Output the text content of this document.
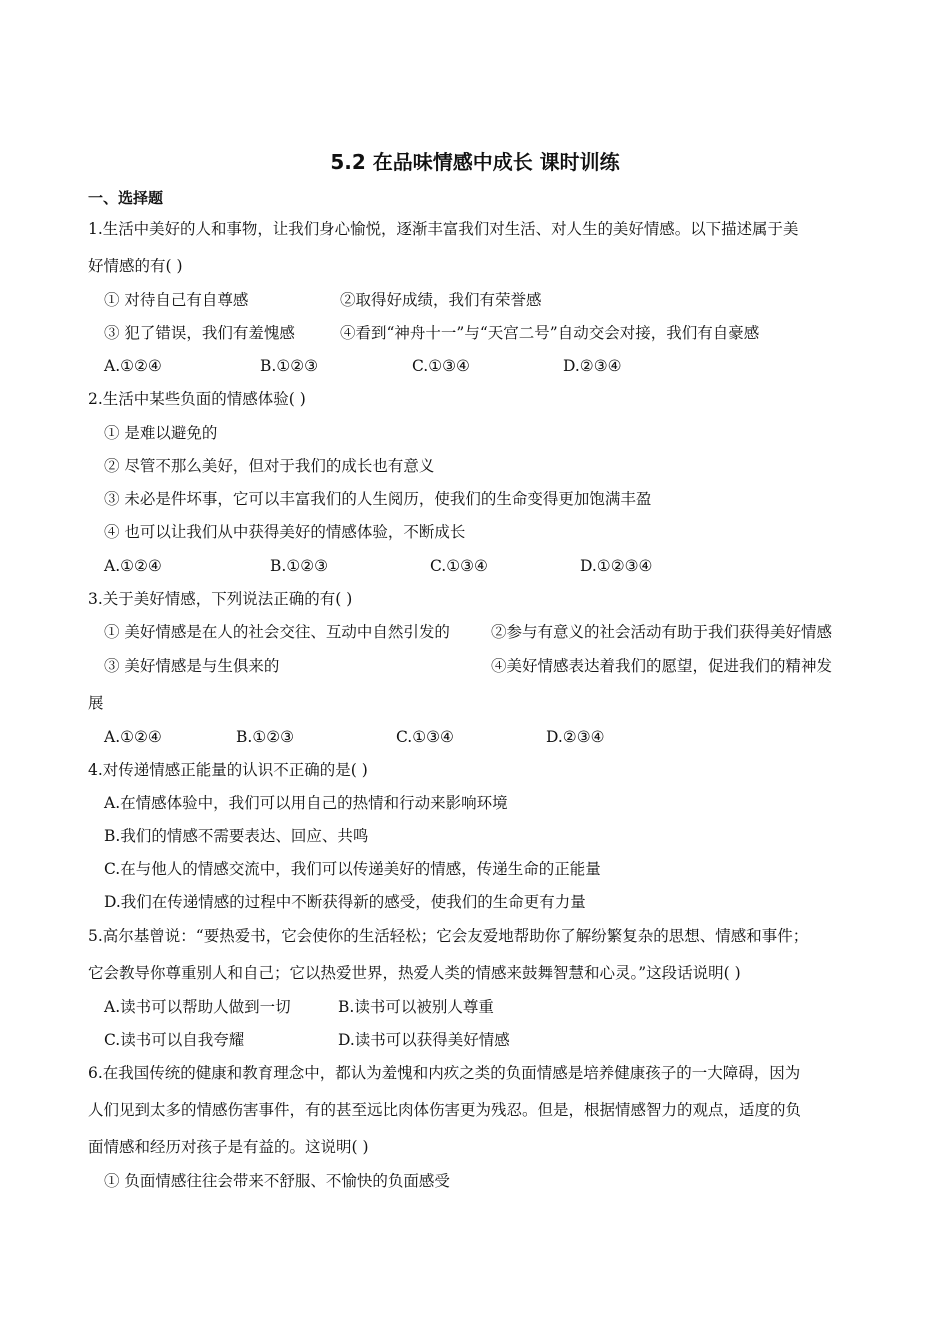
5.2 在品味情感中成长 课时训练
一、选择题
1.生活中美好的人和事物，让我们身心愉悦，逐渐丰富我们对生活、对人生的美好情感。以下描述属于美
好情感的有( )
① 对待自己有自尊感	②取得好成绩，我们有荣誉感
③ 犯了错误，我们有羞愧感	④看到“神舟十一”与“天宫二号”自动交会对接，我们有自豪感
A.①②④	B.①②③	C.①③④	D.②③④
2.生活中某些负面的情感体验( )
① 是难以避免的
② 尽管不那么美好，但对于我们的成长也有意义
③ 未必是件坏事，它可以丰富我们的人生阅历，使我们的生命变得更加饱满丰盈
④ 也可以让我们从中获得美好的情感体验，不断成长
A.①②④	B.①②③	C.①③④	D.①②③④
3.关于美好情感，下列说法正确的有( )
① 美好情感是在人的社会交往、互动中自然引发的	②参与有意义的社会活动有助于我们获得美好情感
③ 美好情感是与生俱来的	④美好情感表达着我们的愿望，促进我们的精神发
展
A.①②④	B.①②③	C.①③④	D.②③④
4.对传递情感正能量的认识不正确的是( )
A.在情感体验中，我们可以用自己的热情和行动来影响环境
B.我们的情感不需要表达、回应、共鸣
C.在与他人的情感交流中，我们可以传递美好的情感，传递生命的正能量
D.我们在传递情感的过程中不断获得新的感受，使我们的生命更有力量
5.高尔基曾说：“要热爱书，它会使你的生活轻松；它会友爱地帮助你了解纷繁复杂的思想、情感和事件；
它会教导你尊重别人和自己；它以热爱世界，热爱人类的情感来鼓舞智慧和心灵。”这段话说明( )
A.读书可以帮助人做到一切	B.读书可以被别人尊重
C.读书可以自我夸耀	D.读书可以获得美好情感
6.在我国传统的健康和教育理念中，都认为羞愧和内疚之类的负面情感是培养健康孩子的一大障碍，因为
人们见到太多的情感伤害事件，有的甚至远比肉体伤害更为残忍。但是，根据情感智力的观点，适度的负
面情感和经历对孩子是有益的。这说明( )
① 负面情感往往会带来不舒服、不愉快的负面感受
